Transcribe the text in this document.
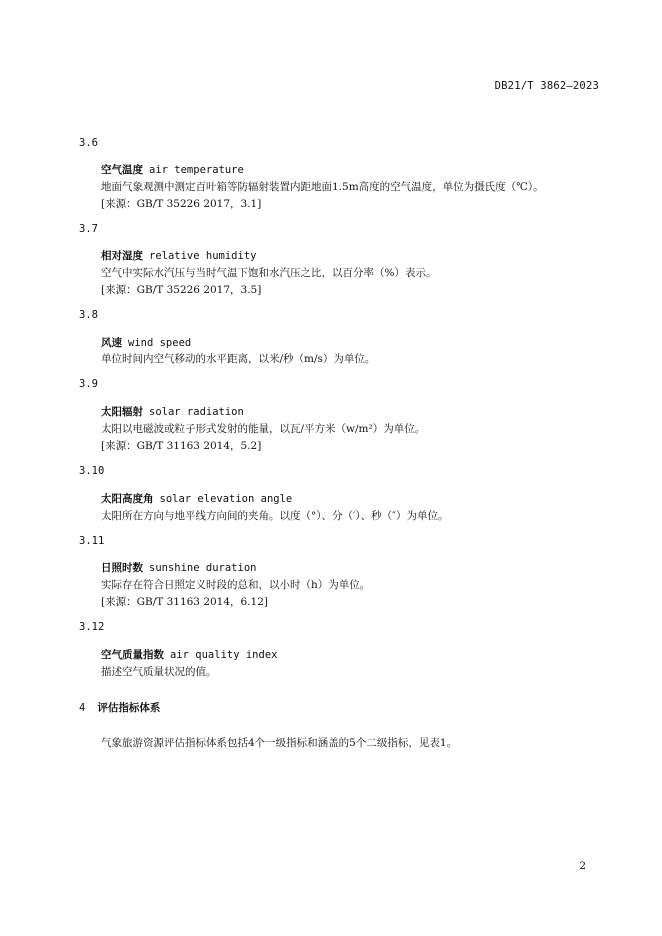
DB21/T 3862—2023
3.6
空气温度 air temperature
地面气象观测中测定百叶箱等防辐射装置内距地面1.5m高度的空气温度，单位为摄氏度（℃）。
[来源：GB/T 35226 2017，3.1]
3.7
相对湿度 relative humidity
空气中实际水汽压与当时气温下饱和水汽压之比，以百分率（%）表示。
[来源：GB/T 35226 2017，3.5]
3.8
风速 wind speed
单位时间内空气移动的水平距离，以米/秒（m/s）为单位。
3.9
太阳辐射 solar radiation
太阳以电磁波或粒子形式发射的能量，以瓦/平方米（w/m²）为单位。
[来源：GB/T 31163 2014，5.2]
3.10
太阳高度角 solar elevation angle
太阳所在方向与地平线方向间的夹角。以度（°）、分（′）、秒（″）为单位。
3.11
日照时数 sunshine duration
实际存在符合日照定义时段的总和，以小时（h）为单位。
[来源：GB/T 31163 2014，6.12]
3.12
空气质量指数 air quality index
描述空气质量状况的值。
4 评估指标体系
气象旅游资源评估指标体系包括4个一级指标和涵盖的5个二级指标，见表1。
2
